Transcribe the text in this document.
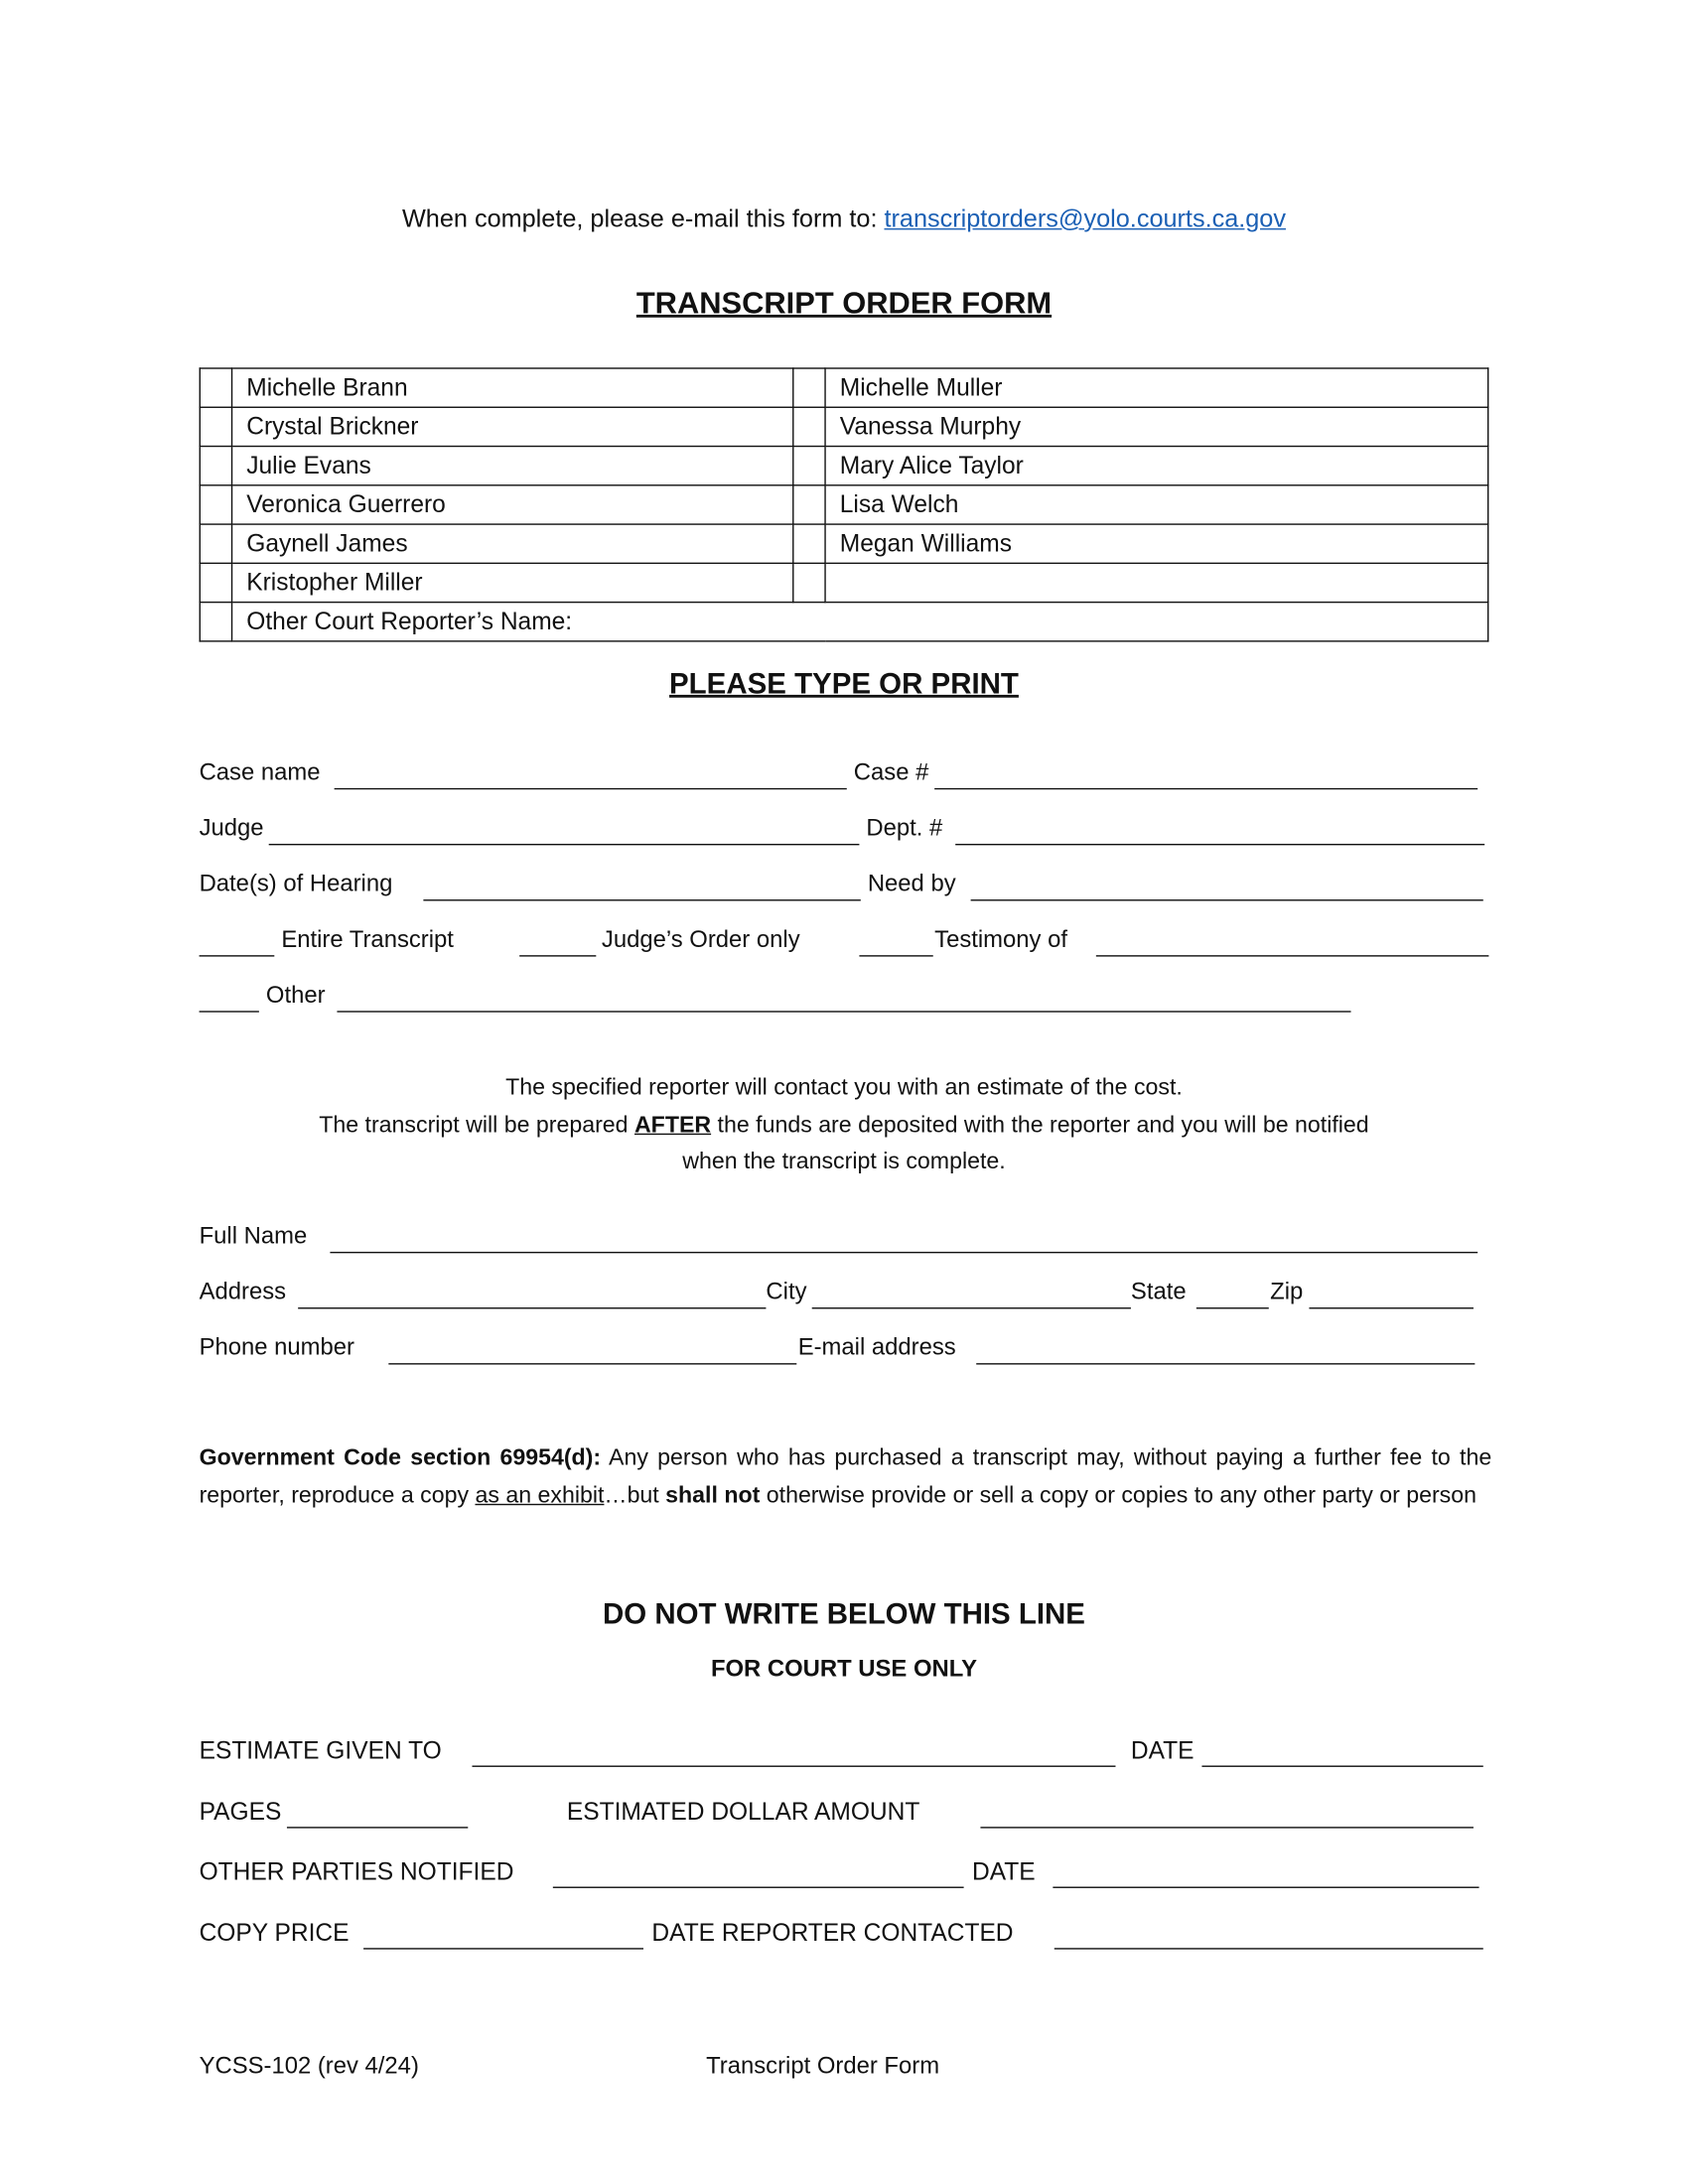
When complete, please e-mail this form to: transcriptorders@yolo.courts.ca.gov
TRANSCRIPT ORDER FORM
	Michelle Brann		Michelle Muller
	Crystal Brickner		Vanessa Murphy
	Julie Evans		Mary Alice Taylor
	Veronica Guerrero		Lisa Welch
	Gaynell James		Megan Williams
	Kristopher Miller		
	Other Court Reporter’s Name:		
PLEASE TYPE OR PRINT
Case name	Case #
Judge	Dept. #
Date(s) of Hearing	Need by
Entire Transcript	Judge’s Order only	Testimony of
Other
The specified reporter will contact you with an estimate of the cost.
The transcript will be prepared AFTER the funds are deposited with the reporter and you will be notified
when the transcript is complete.
Full Name
Address	City	State	Zip
Phone number	E-mail address
Government Code section 69954(d): Any person who has purchased a transcript may, without paying a further fee to the reporter, reproduce a copy as an exhibit…but shall not otherwise provide or sell a copy or copies to any other party or person
DO NOT WRITE BELOW THIS LINE
FOR COURT USE ONLY
ESTIMATE GIVEN TO	DATE
PAGES	ESTIMATED DOLLAR AMOUNT
OTHER PARTIES NOTIFIED	DATE
COPY PRICE	DATE REPORTER CONTACTED
YCSS-102 (rev 4/24)	Transcript Order Form
